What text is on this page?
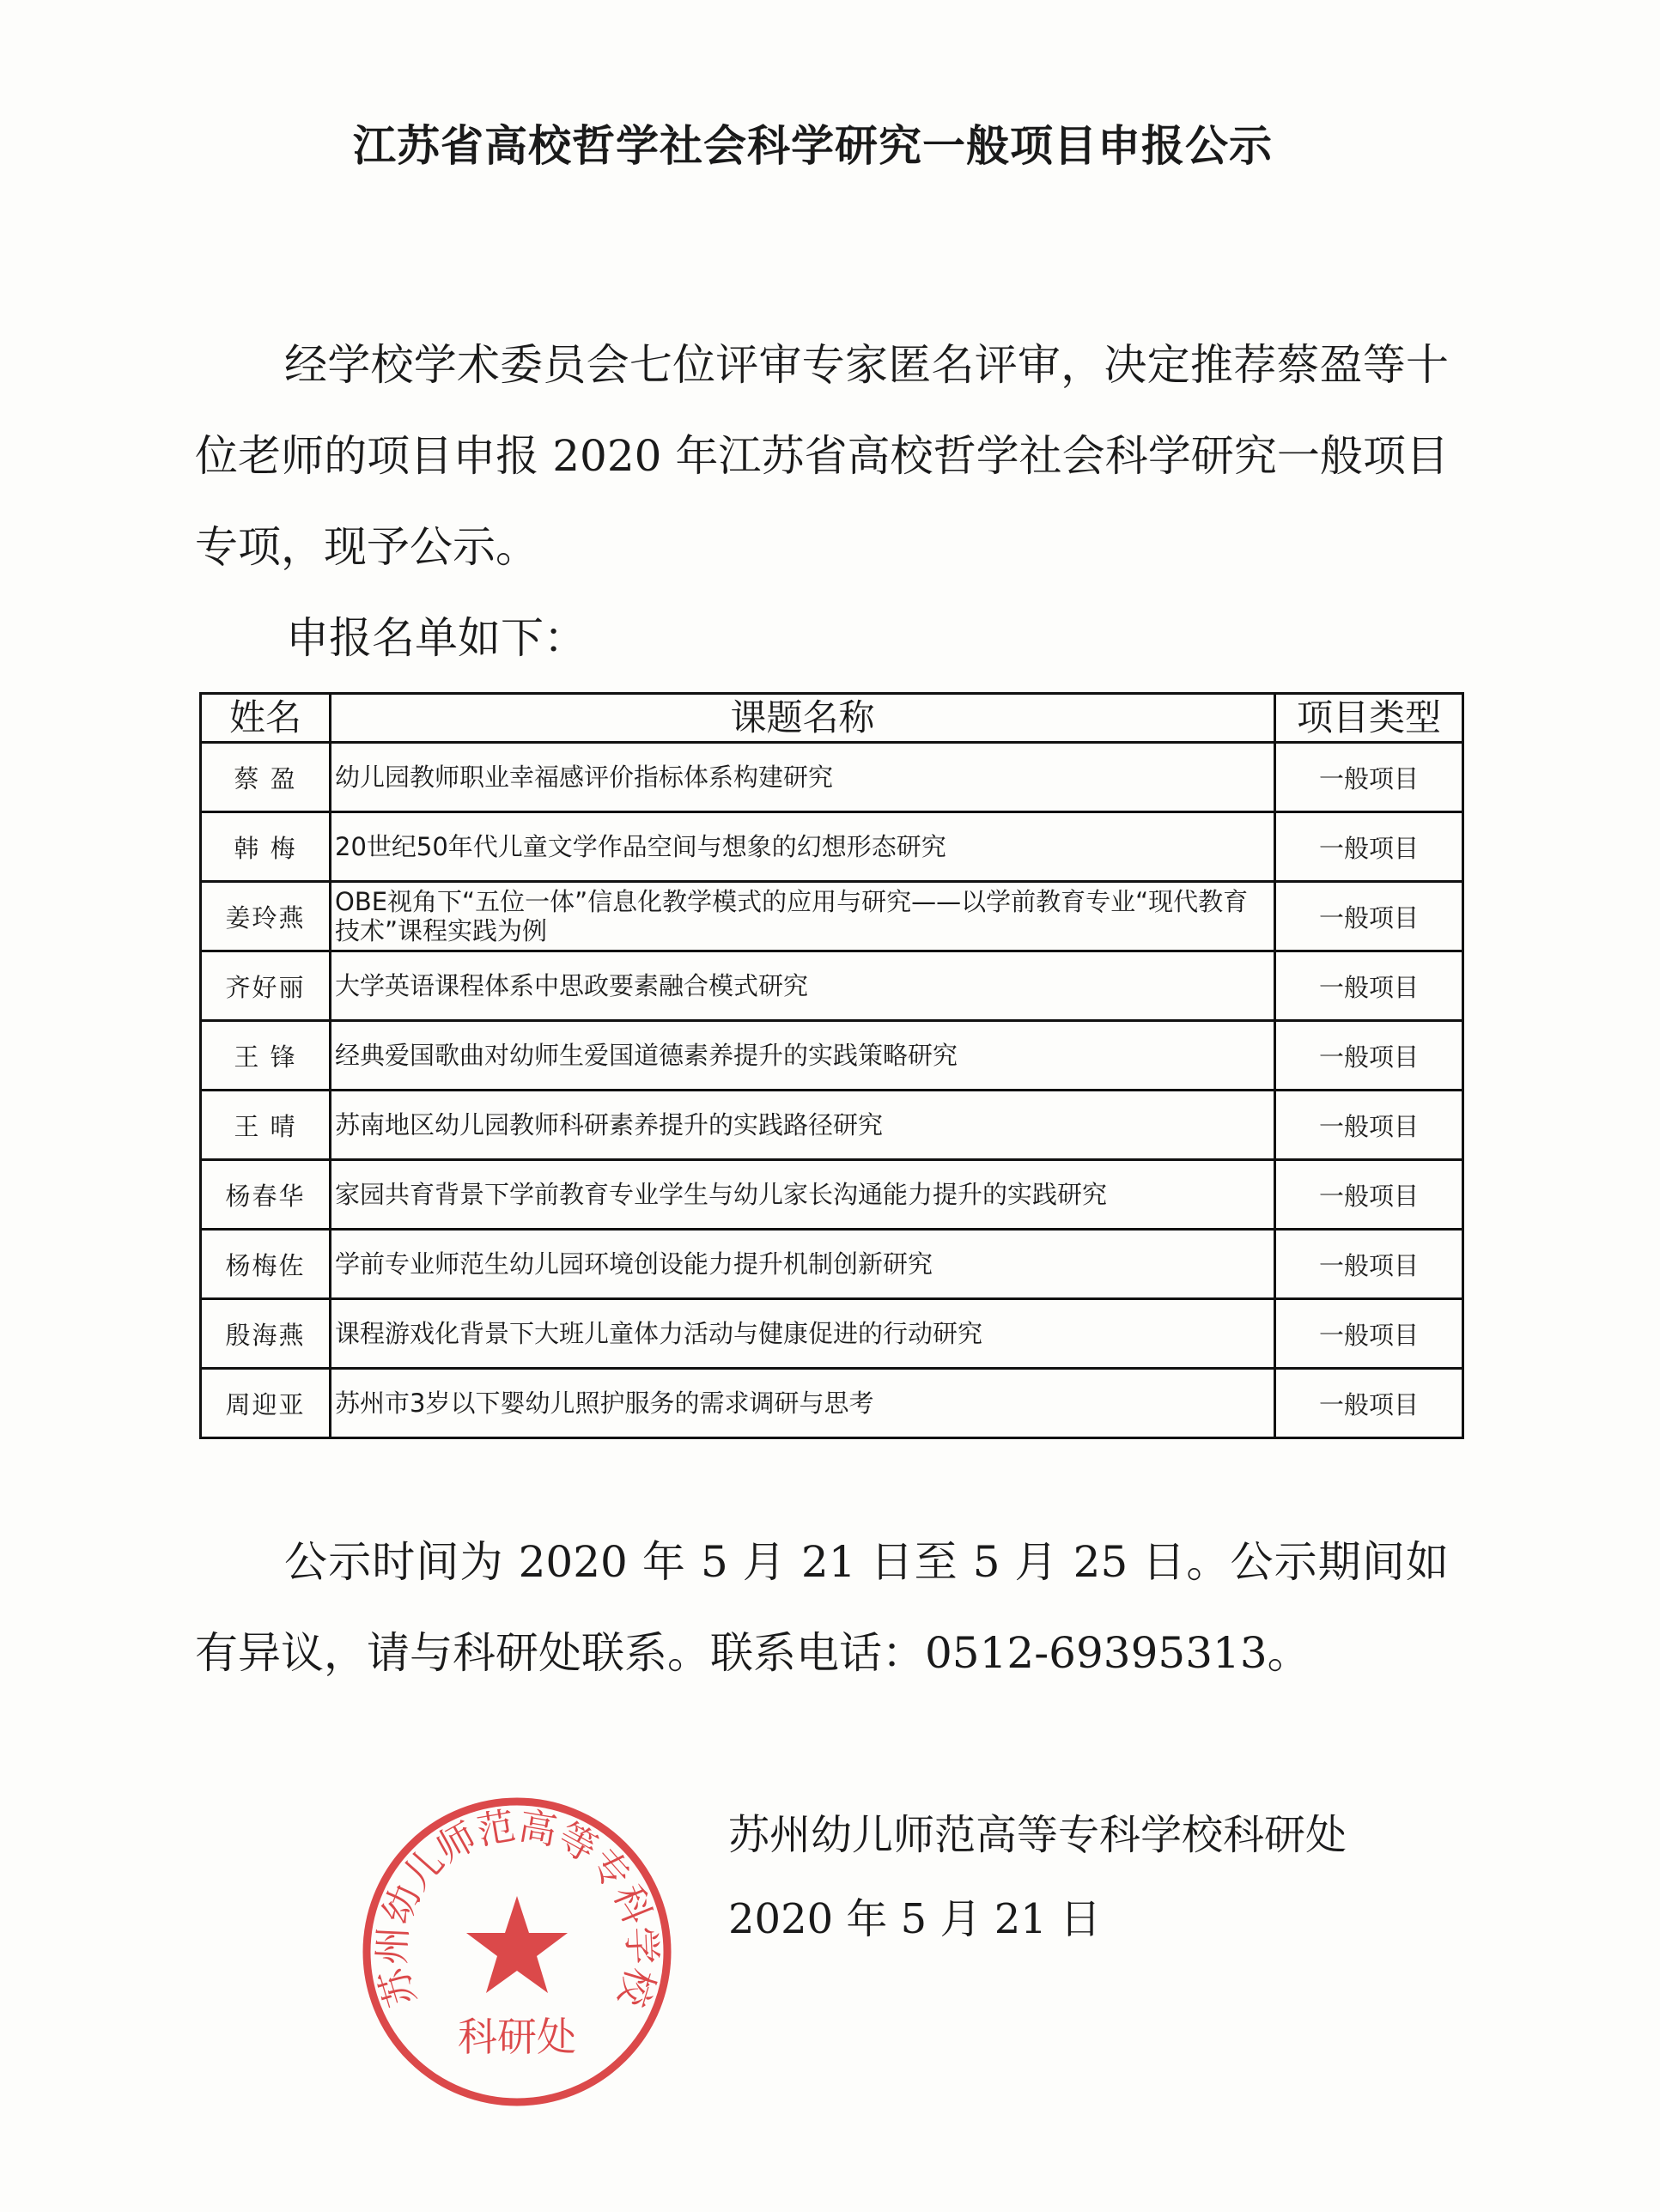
江苏省高校哲学社会科学研究一般项目申报公示

经学校学术委员会七位评审专家匿名评审，决定推荐蔡盈等十位老师的项目申报 2020 年江苏省高校哲学社会科学研究一般项目专项，现予公示。

申报名单如下：
姓名	课题名称	项目类型
蔡 盈	幼儿园教师职业幸福感评价指标体系构建研究	一般项目
韩 梅	20世纪50年代儿童文学作品空间与想象的幻想形态研究	一般项目
姜玲燕	OBE视角下“五位一体”信息化教学模式的应用与研究——以学前教育专业“现代教育技术”课程实践为例	一般项目
齐好丽	大学英语课程体系中思政要素融合模式研究	一般项目
王 锋	经典爱国歌曲对幼师生爱国道德素养提升的实践策略研究	一般项目
王 晴	苏南地区幼儿园教师科研素养提升的实践路径研究	一般项目
杨春华	家园共育背景下学前教育专业学生与幼儿家长沟通能力提升的实践研究	一般项目
杨梅佐	学前专业师范生幼儿园环境创设能力提升机制创新研究	一般项目
殷海燕	课程游戏化背景下大班儿童体力活动与健康促进的行动研究	一般项目
周迎亚	苏州市3岁以下婴幼儿照护服务的需求调研与思考	一般项目

公示时间为 2020 年 5 月 21 日至 5 月 25 日。公示期间如有异议，请与科研处联系。联系电话：0512-69395313。

苏州幼儿师范高等专科学校
科研处
苏州幼儿师范高等专科学校科研处
2020 年 5 月 21 日
